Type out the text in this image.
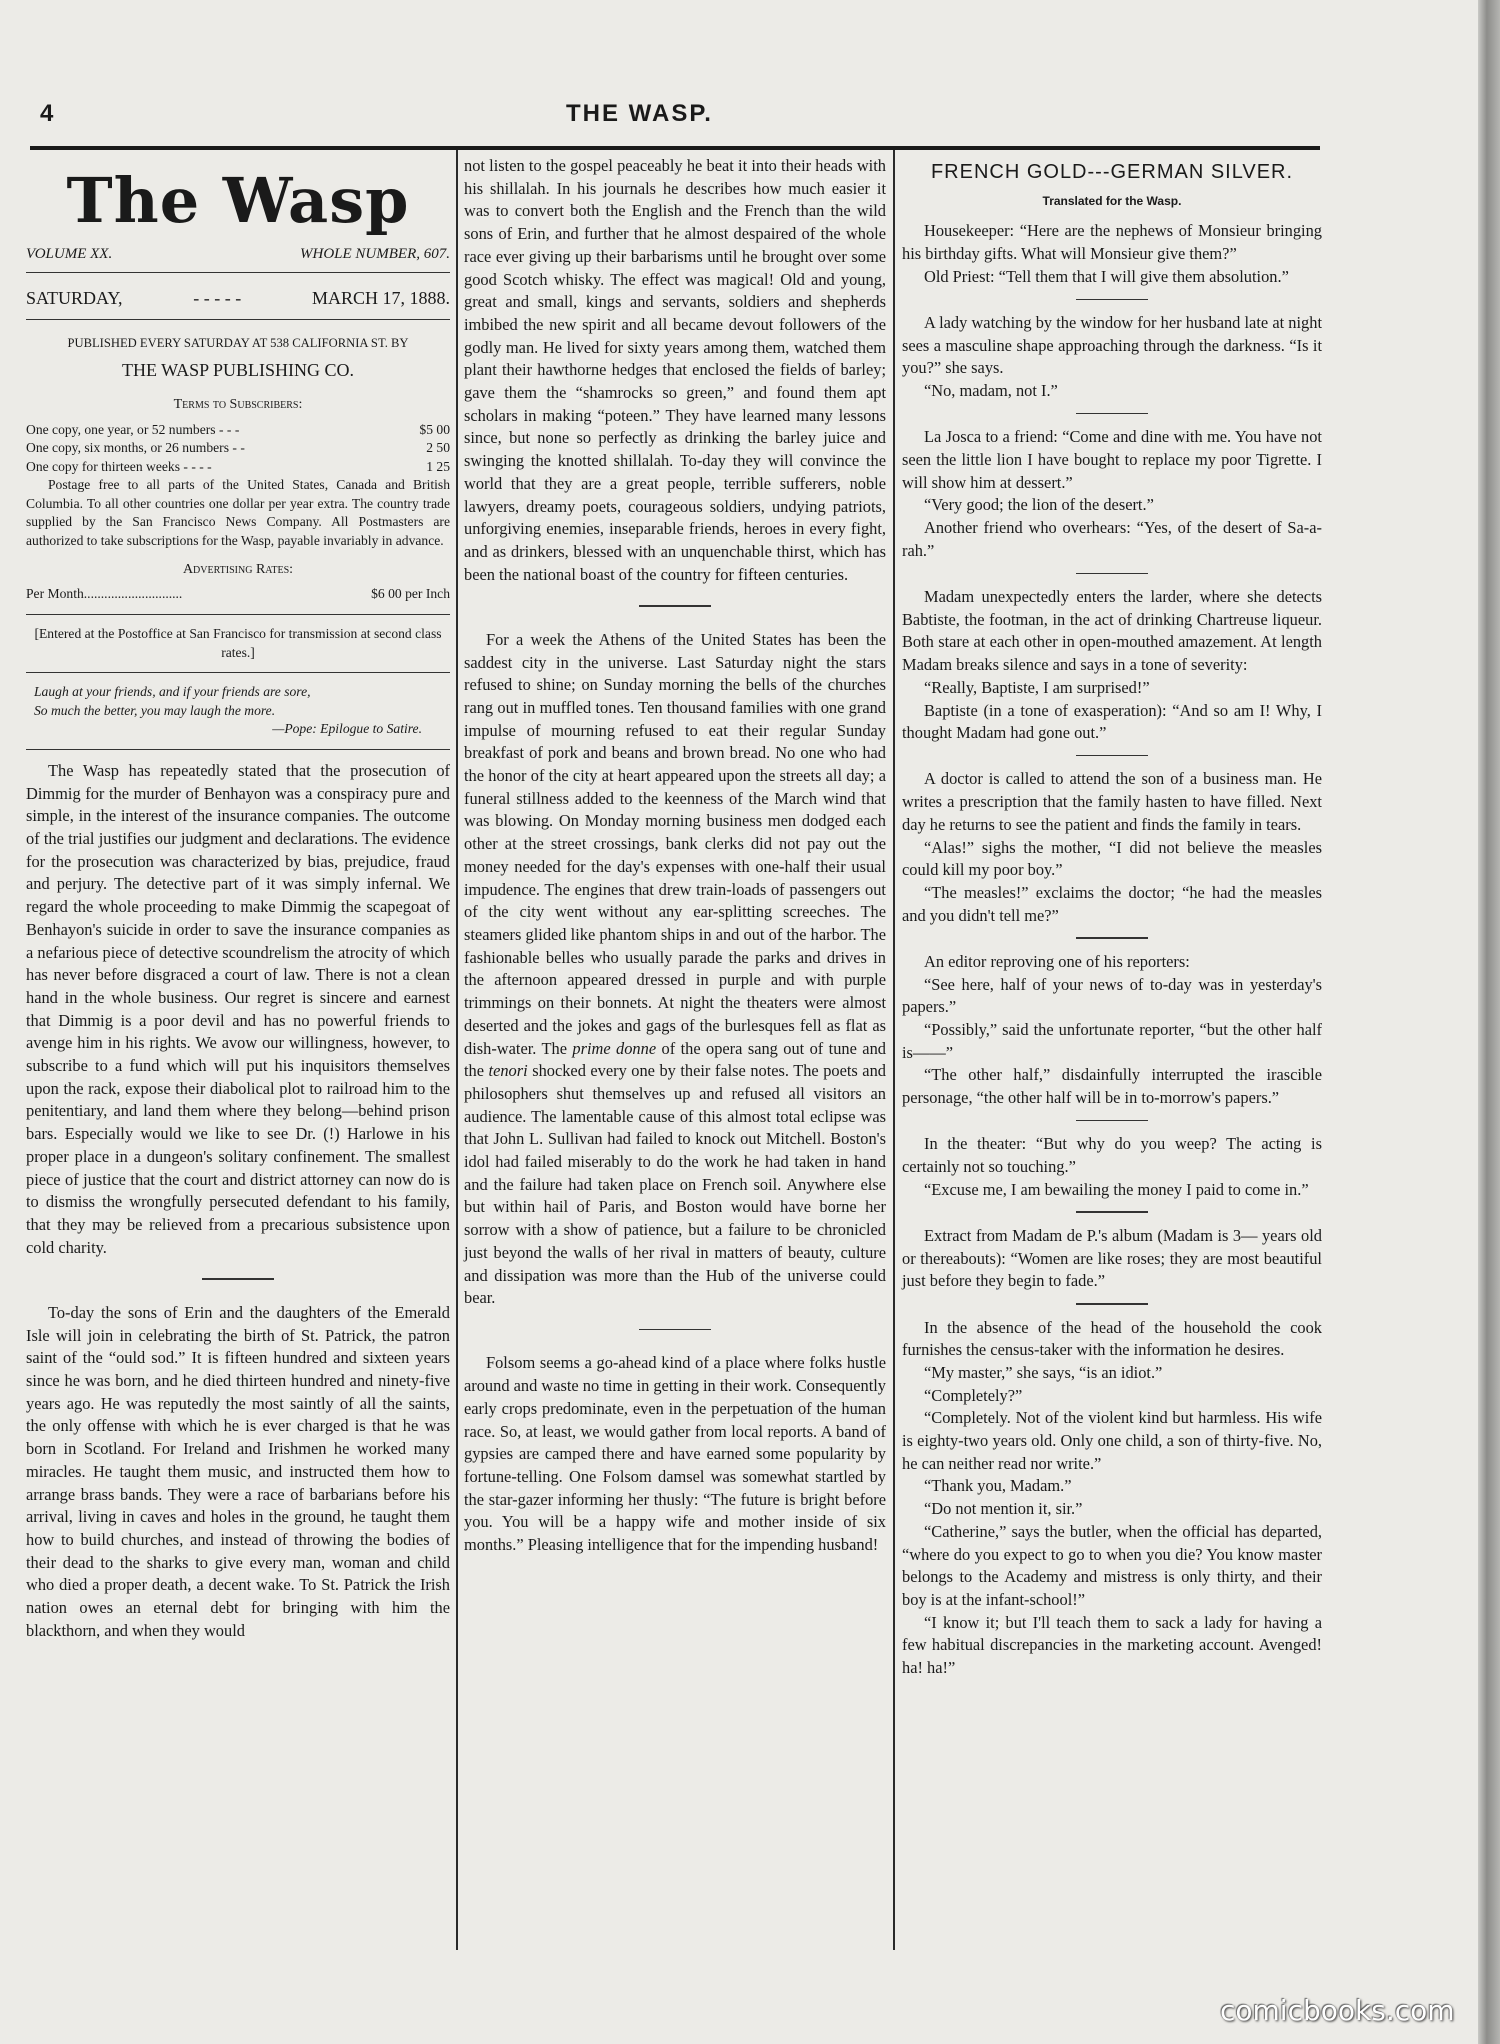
4	THE WASP.
The Wasp
VOLUME XX.	WHOLE NUMBER, 607.
SATURDAY,	- - - - -	MARCH 17, 1888.
PUBLISHED EVERY SATURDAY AT 538 CALIFORNIA ST. BY
THE WASP PUBLISHING CO.
Terms to Subscribers:
One copy, one year, or 52 numbers - - -	$5 00
One copy, six months, or 26 numbers - -	2 50
One copy for thirteen weeks - - - -	1 25

Postage free to all parts of the United States, Canada and British Columbia. To all other countries one dollar per year extra. The country trade supplied by the San Francisco News Company. All Postmasters are authorized to take subscriptions for the Wasp, payable invariably in advance.

Advertising Rates:
Per Month.............................	$6 00 per Inch
[Entered at the Postoffice at San Francisco for transmission at second class rates.]
Laugh at your friends, and if your friends are sore,
So much the better, you may laugh the more.
—Pope: Epilogue to Satire.

The Wasp has repeatedly stated that the prosecution of Dimmig for the murder of Benhayon was a conspiracy pure and simple, in the interest of the insurance companies. The outcome of the trial justifies our judgment and declarations. The evidence for the prosecution was characterized by bias, prejudice, fraud and perjury. The detective part of it was simply infernal. We regard the whole proceeding to make Dimmig the scapegoat of Benhayon's suicide in order to save the insurance companies as a nefarious piece of detective scoundrelism the atrocity of which has never before disgraced a court of law. There is not a clean hand in the whole business. Our regret is sincere and earnest that Dimmig is a poor devil and has no powerful friends to avenge him in his rights. We avow our willingness, however, to subscribe to a fund which will put his inquisitors themselves upon the rack, expose their diabolical plot to railroad him to the penitentiary, and land them where they belong—behind prison bars. Especially would we like to see Dr. (!) Harlowe in his proper place in a dungeon's solitary confinement. The smallest piece of justice that the court and district attorney can now do is to dismiss the wrongfully persecuted defendant to his family, that they may be relieved from a precarious subsistence upon cold charity.

To-day the sons of Erin and the daughters of the Emerald Isle will join in celebrating the birth of St. Patrick, the patron saint of the “ould sod.” It is fifteen hundred and sixteen years since he was born, and he died thirteen hundred and ninety-five years ago. He was reputedly the most saintly of all the saints, the only offense with which he is ever charged is that he was born in Scotland. For Ireland and Irishmen he worked many miracles. He taught them music, and instructed them how to arrange brass bands. They were a race of barbarians before his arrival, living in caves and holes in the ground, he taught them how to build churches, and instead of throwing the bodies of their dead to the sharks to give every man, woman and child who died a proper death, a decent wake. To St. Patrick the Irish nation owes an eternal debt for bringing with him the blackthorn, and when they would

not listen to the gospel peaceably he beat it into their heads with his shillalah. In his journals he describes how much easier it was to convert both the English and the French than the wild sons of Erin, and further that he almost despaired of the whole race ever giving up their barbarisms until he brought over some good Scotch whisky. The effect was magical! Old and young, great and small, kings and servants, soldiers and shepherds imbibed the new spirit and all became devout followers of the godly man. He lived for sixty years among them, watched them plant their hawthorne hedges that enclosed the fields of barley; gave them the “shamrocks so green,” and found them apt scholars in making “poteen.” They have learned many lessons since, but none so perfectly as drinking the barley juice and swinging the knotted shillalah. To-day they will convince the world that they are a great people, terrible sufferers, noble lawyers, dreamy poets, courageous soldiers, undying patriots, unforgiving enemies, inseparable friends, heroes in every fight, and as drinkers, blessed with an unquenchable thirst, which has been the national boast of the country for fifteen centuries.

For a week the Athens of the United States has been the saddest city in the universe. Last Saturday night the stars refused to shine; on Sunday morning the bells of the churches rang out in muffled tones. Ten thousand families with one grand impulse of mourning refused to eat their regular Sunday breakfast of pork and beans and brown bread. No one who had the honor of the city at heart appeared upon the streets all day; a funeral stillness added to the keenness of the March wind that was blowing. On Monday morning business men dodged each other at the street crossings, bank clerks did not pay out the money needed for the day's expenses with one-half their usual impudence. The engines that drew train-loads of passengers out of the city went without any ear-splitting screeches. The steamers glided like phantom ships in and out of the harbor. The fashionable belles who usually parade the parks and drives in the afternoon appeared dressed in purple and with purple trimmings on their bonnets. At night the theaters were almost deserted and the jokes and gags of the burlesques fell as flat as dish-water. The prime donne of the opera sang out of tune and the tenori shocked every one by their false notes. The poets and philosophers shut themselves up and refused all visitors an audience. The lamentable cause of this almost total eclipse was that John L. Sullivan had failed to knock out Mitchell. Boston's idol had failed miserably to do the work he had taken in hand and the failure had taken place on French soil. Anywhere else but within hail of Paris, and Boston would have borne her sorrow with a show of patience, but a failure to be chronicled just beyond the walls of her rival in matters of beauty, culture and dissipation was more than the Hub of the universe could bear.

Folsom seems a go-ahead kind of a place where folks hustle around and waste no time in getting in their work. Consequently early crops predominate, even in the perpetuation of the human race. So, at least, we would gather from local reports. A band of gypsies are camped there and have earned some popularity by fortune-telling. One Folsom damsel was somewhat startled by the star-gazer informing her thusly: “The future is bright before you. You will be a happy wife and mother inside of six months.” Pleasing intelligence that for the impending husband!

FRENCH GOLD---GERMAN SILVER.
Translated for the Wasp.

Housekeeper: “Here are the nephews of Monsieur bringing his birthday gifts. What will Monsieur give them?”

Old Priest: “Tell them that I will give them absolution.”

A lady watching by the window for her husband late at night sees a masculine shape approaching through the darkness. “Is it you?” she says.

“No, madam, not I.”

La Josca to a friend: “Come and dine with me. You have not seen the little lion I have bought to replace my poor Tigrette. I will show him at dessert.”

“Very good; the lion of the desert.”

Another friend who overhears: “Yes, of the desert of Sa-a-rah.”

Madam unexpectedly enters the larder, where she detects Babtiste, the footman, in the act of drinking Chartreuse liqueur. Both stare at each other in open-mouthed amazement. At length Madam breaks silence and says in a tone of severity:

“Really, Baptiste, I am surprised!”

Baptiste (in a tone of exasperation): “And so am I! Why, I thought Madam had gone out.”

A doctor is called to attend the son of a business man. He writes a prescription that the family hasten to have filled. Next day he returns to see the patient and finds the family in tears.

“Alas!” sighs the mother, “I did not believe the measles could kill my poor boy.”

“The measles!” exclaims the doctor; “he had the measles and you didn't tell me?”

An editor reproving one of his reporters:

“See here, half of your news of to-day was in yesterday's papers.”

“Possibly,” said the unfortunate reporter, “but the other half is——”

“The other half,” disdainfully interrupted the irascible personage, “the other half will be in to-morrow's papers.”

In the theater: “But why do you weep? The acting is certainly not so touching.”

“Excuse me, I am bewailing the money I paid to come in.”

Extract from Madam de P.'s album (Madam is 3— years old or thereabouts): “Women are like roses; they are most beautiful just before they begin to fade.”

In the absence of the head of the household the cook furnishes the census-taker with the information he desires.

“My master,” she says, “is an idiot.”

“Completely?”

“Completely. Not of the violent kind but harmless. His wife is eighty-two years old. Only one child, a son of thirty-five. No, he can neither read nor write.”

“Thank you, Madam.”

“Do not mention it, sir.”

“Catherine,” says the butler, when the official has departed, “where do you expect to go to when you die? You know master belongs to the Academy and mistress is only thirty, and their boy is at the infant-school!”

“I know it; but I'll teach them to sack a lady for having a few habitual discrepancies in the marketing account. Avenged! ha! ha!”

comicbooks.com
